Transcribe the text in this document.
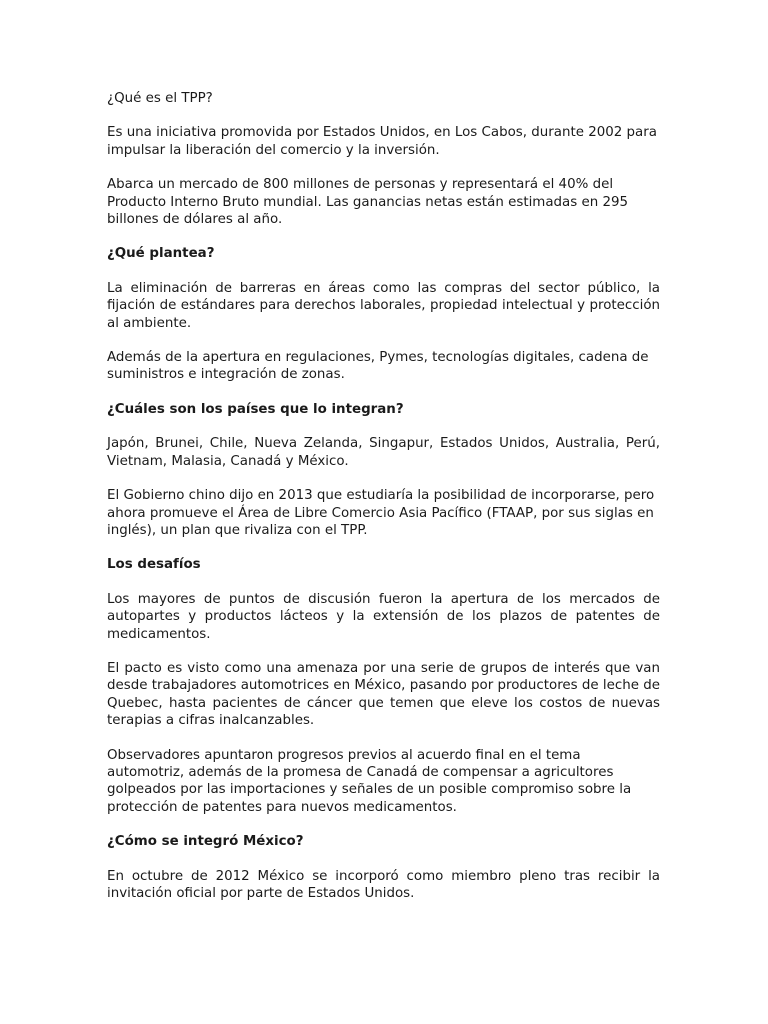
¿Qué es el TPP?

Es una iniciativa promovida por Estados Unidos, en Los Cabos, durante 2002 para impulsar la liberación del comercio y la inversión.

Abarca un mercado de 800 millones de personas y representará el 40% del Producto Interno Bruto mundial. Las ganancias netas están estimadas en 295 billones de dólares al año.

¿Qué plantea?

La eliminación de barreras en áreas como las compras del sector público, la fijación de estándares para derechos laborales, propiedad intelectual y protección al ambiente.

Además de la apertura en regulaciones, Pymes, tecnologías digitales, cadena de suministros e integración de zonas.

¿Cuáles son los países que lo integran?

Japón, Brunei, Chile, Nueva Zelanda, Singapur, Estados Unidos, Australia, Perú, Vietnam, Malasia, Canadá y México.

El Gobierno chino dijo en 2013 que estudiaría la posibilidad de incorporarse, pero ahora promueve el Área de Libre Comercio Asia Pacífico (FTAAP, por sus siglas en inglés), un plan que rivaliza con el TPP.

Los desafíos

Los mayores de puntos de discusión fueron la apertura de los mercados de autopartes y productos lácteos y la extensión de los plazos de patentes de medicamentos.

El pacto es visto como una amenaza por una serie de grupos de interés que van desde trabajadores automotrices en México, pasando por productores de leche de Quebec, hasta pacientes de cáncer que temen que eleve los costos de nuevas terapias a cifras inalcanzables.

Observadores apuntaron progresos previos al acuerdo final en el tema automotriz, además de la promesa de Canadá de compensar a agricultores golpeados por las importaciones y señales de un posible compromiso sobre la protección de patentes para nuevos medicamentos.

¿Cómo se integró México?

En octubre de 2012 México se incorporó como miembro pleno tras recibir la invitación oficial por parte de Estados Unidos.
